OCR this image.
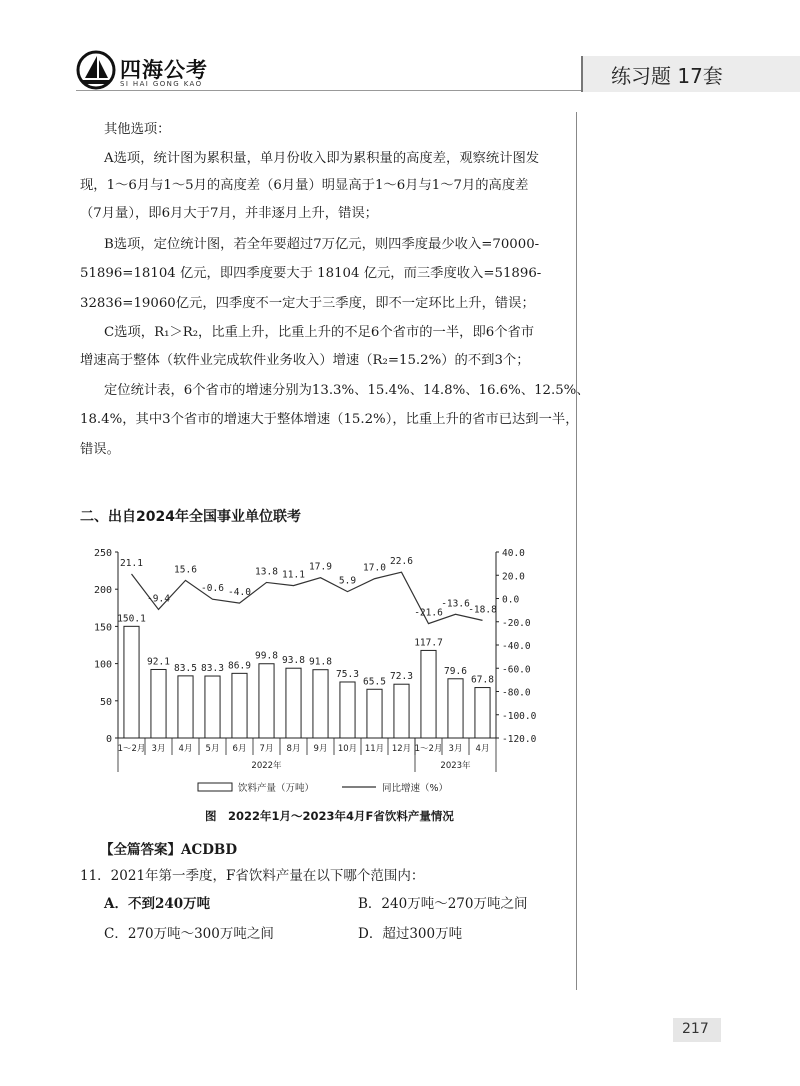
四海公考
SI HAI GONG KAO	练习题 17套
其他选项：
A选项，统计图为累积量，单月份收入即为累积量的高度差，观察统计图发
现，1～6月与1～5月的高度差（6月量）明显高于1～6月与1～7月的高度差
（7月量），即6月大于7月，并非逐月上升，错误；
B选项，定位统计图，若全年要超过7万亿元，则四季度最少收入=70000-
51896=18104 亿元，即四季度要大于 18104 亿元，而三季度收入=51896-
32836=19060亿元，四季度不一定大于三季度，即不一定环比上升，错误；
C选项，R₁＞R₂，比重上升，比重上升的不足6个省市的一半，即6个省市
增速高于整体（软件业完成软件业务收入）增速（R₂=15.2%）的不到3个；
定位统计表，6个省市的增速分别为13.3%、15.4%、14.8%、16.6%、12.5%、
18.4%，其中3个省市的增速大于整体增速（15.2%），比重上升的省市已达到一半，
错误。
二、出自2024年全国事业单位联考
0
50
100
150
200
250	40.0
20.0
0.0
-20.0
-40.0
-60.0
-80.0
-100.0
-120.0
150.1
92.1
83.5 83.3 86.9
99.8 93.8 91.8
75.3
65.5 72.3
117.7
79.6
67.8
21.1
-9.4
15.6
-0.6 -4.0
13.8 11.1
17.9
5.9
17.0
22.6
-21.6
-13.6
-18.8
1～2月 3月 4月 5月 6月 7月 8月 9月 10月 11月 12月 1～2月 3月 4月
2022年	2023年
饮料产量（万吨）	同比增速（%）
图　2022年1月～2023年4月F省饮料产量情况
【全篇答案】ACDBD
11．2021年第一季度，F省饮料产量在以下哪个范围内：
A．不到240万吨	B．240万吨～270万吨之间
C．270万吨～300万吨之间	D．超过300万吨
217
